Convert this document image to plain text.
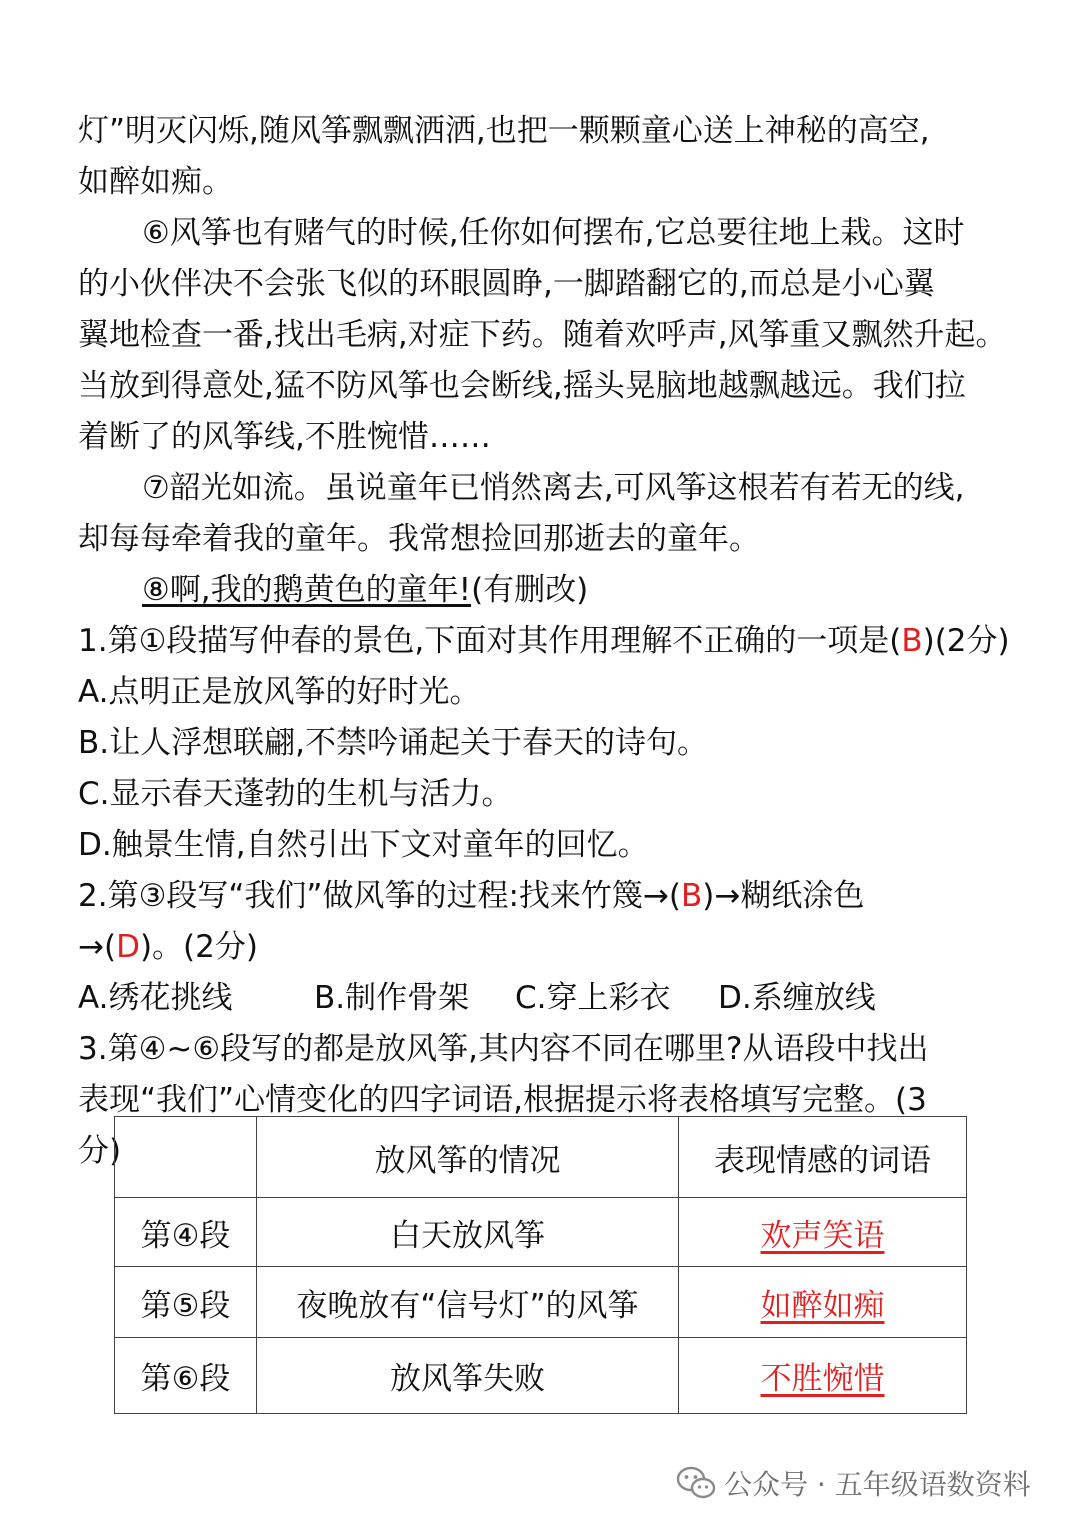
灯”明灭闪烁,随风筝飘飘洒洒,也把一颗颗童心送上神秘的高空,
如醉如痴。
⑥风筝也有赌气的时候,任你如何摆布,它总要往地上栽。这时
的小伙伴决不会张飞似的环眼圆睁,一脚踏翻它的,而总是小心翼
翼地检查一番,找出毛病,对症下药。随着欢呼声,风筝重又飘然升起。
当放到得意处,猛不防风筝也会断线,摇头晃脑地越飘越远。我们拉
着断了的风筝线,不胜惋惜……
⑦韶光如流。虽说童年已悄然离去,可风筝这根若有若无的线,
却每每牵着我的童年。我常想捡回那逝去的童年。
⑧啊,我的鹅黄色的童年!(有删改)
1.第①段描写仲春的景色,下面对其作用理解不正确的一项是(B)(2分)
A.点明正是放风筝的好时光。
B.让人浮想联翩,不禁吟诵起关于春天的诗句。
C.显示春天蓬勃的生机与活力。
D.触景生情,自然引出下文对童年的回忆。
2.第③段写“我们”做风筝的过程:找来竹篾→(B)→糊纸涂色
→(D)。(2分)
A.绣花挑线	B.制作骨架 C.穿上彩衣 D.系缠放线
3.第④~⑥段写的都是放风筝,其内容不同在哪里?从语段中找出
表现“我们”心情变化的四字词语,根据提示将表格填写完整。(3
分)
		放风筝的情况	表现情感的词语
第④段	白天放风筝	欢声笑语
第⑤段	夜晚放有“信号灯”的风筝	如醉如痴
第⑥段	放风筝失败	不胜惋惜
公众号 · 五年级语数资料
